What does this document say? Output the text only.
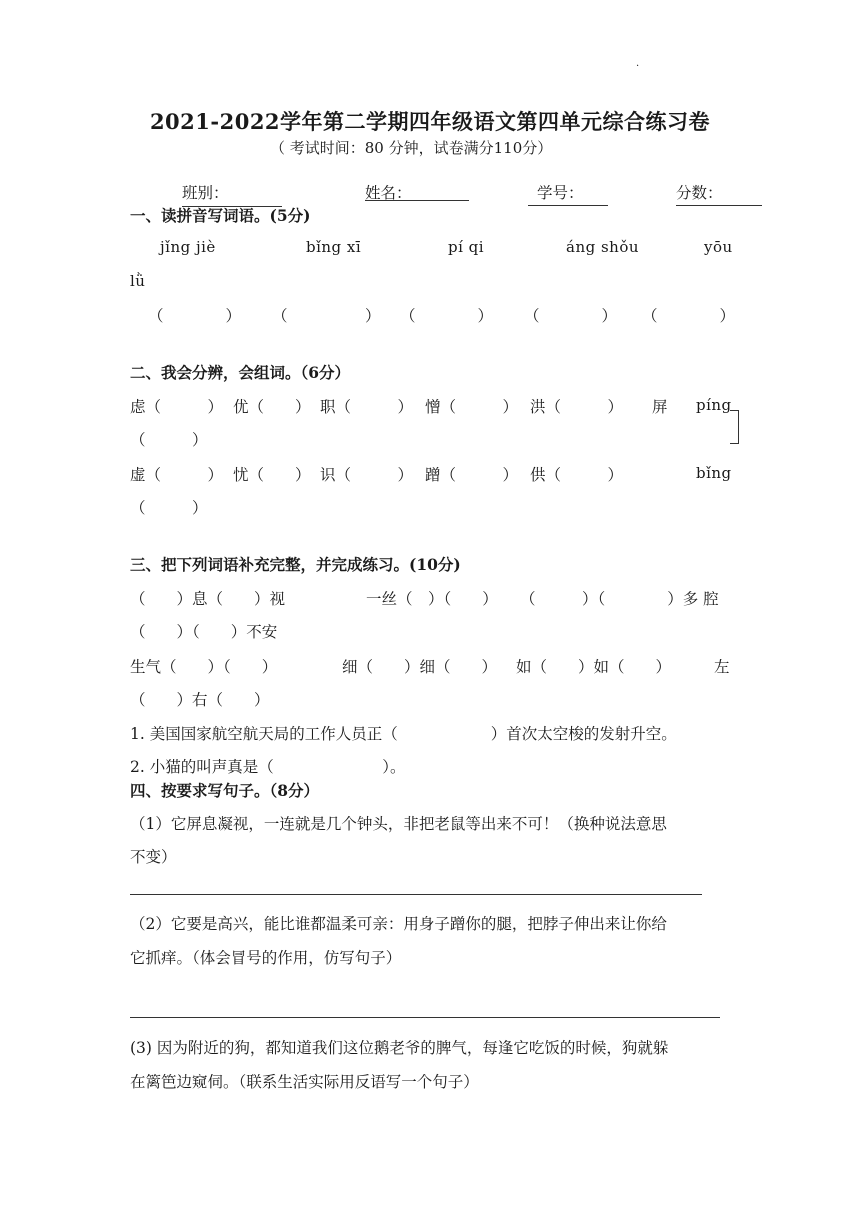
.
2021-2022学年第二学期四年级语文第四单元综合练习卷
（ 考试时间：80 分钟，试卷满分110分）
班别：	姓名：	学号：	分数：
一、读拼音写词语。(5分)
jǐng jiè	bǐng xī	pí qi	áng shǒu	yōu
lǜ
（　　　　） （　　　　　） （　　　　） （　　　　） （　　　　）
二、我会分辨，会组词。（6分）
虑（　　　） 优（　　） 职（　　　） 憎（　　　） 洪（　　　） 屏 píng
（　　　）
虚（　　　） 忧（　　） 识（　　　） 蹭（　　　） 供（　　　）	bǐng
（　　　）
三、把下列词语补充完整，并完成练习。(10分)
（　　）息（　　）视	一丝（　）（　　） （　　　）（　　　　）多 腔
（　　）（　　）不安
生气（　　）（　　）	细（　　）细（　　） 如（　　）如（　　）	左
（　　）右（　　）
1. 美国国家航空航天局的工作人员正（　　　　　　）首次太空梭的发射升空。
2. 小猫的叫声真是（　　　　　　　）。
四、按要求写句子。（8分）
（1）它屏息凝视，一连就是几个钟头，非把老鼠等出来不可！（换种说法意思
不变）
（2）它要是高兴，能比谁都温柔可亲：用身子蹭你的腿，把脖子伸出来让你给
它抓痒。（体会冒号的作用，仿写句子）
(3) 因为附近的狗，都知道我们这位鹅老爷的脾气，每逢它吃饭的时候，狗就躲
在篱笆边窥伺。（联系生活实际用反语写一个句子）
